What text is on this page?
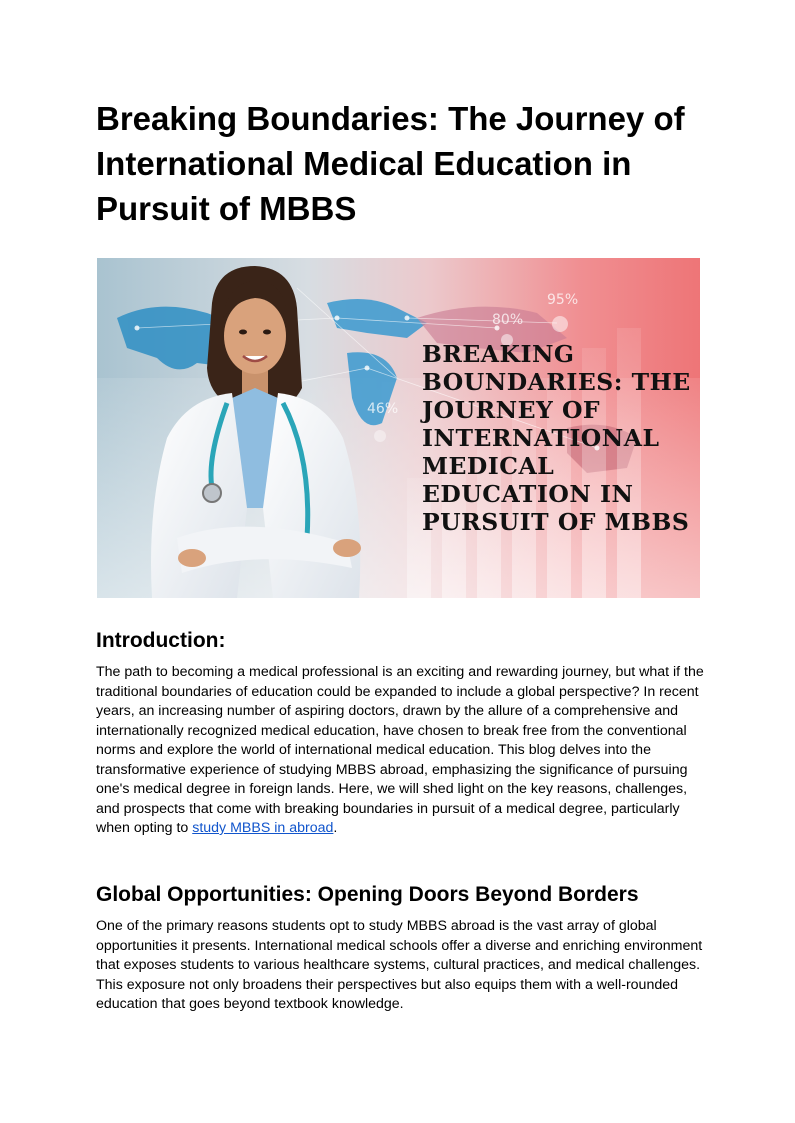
Breaking Boundaries: The Journey of International Medical Education in Pursuit of MBBS
95%
80%
46%
BREAKING BOUNDARIES: THE JOURNEY OF INTERNATIONAL MEDICAL EDUCATION IN PURSUIT OF MBBS
Introduction:

The path to becoming a medical professional is an exciting and rewarding journey, but what if the traditional boundaries of education could be expanded to include a global perspective? In recent years, an increasing number of aspiring doctors, drawn by the allure of a comprehensive and internationally recognized medical education, have chosen to break free from the conventional norms and explore the world of international medical education. This blog delves into the transformative experience of studying MBBS abroad, emphasizing the significance of pursuing one's medical degree in foreign lands. Here, we will shed light on the key reasons, challenges, and prospects that come with breaking boundaries in pursuit of a medical degree, particularly when opting to study MBBS in abroad.

Global Opportunities: Opening Doors Beyond Borders

One of the primary reasons students opt to study MBBS abroad is the vast array of global opportunities it presents. International medical schools offer a diverse and enriching environment that exposes students to various healthcare systems, cultural practices, and medical challenges. This exposure not only broadens their perspectives but also equips them with a well-rounded education that goes beyond textbook knowledge.
